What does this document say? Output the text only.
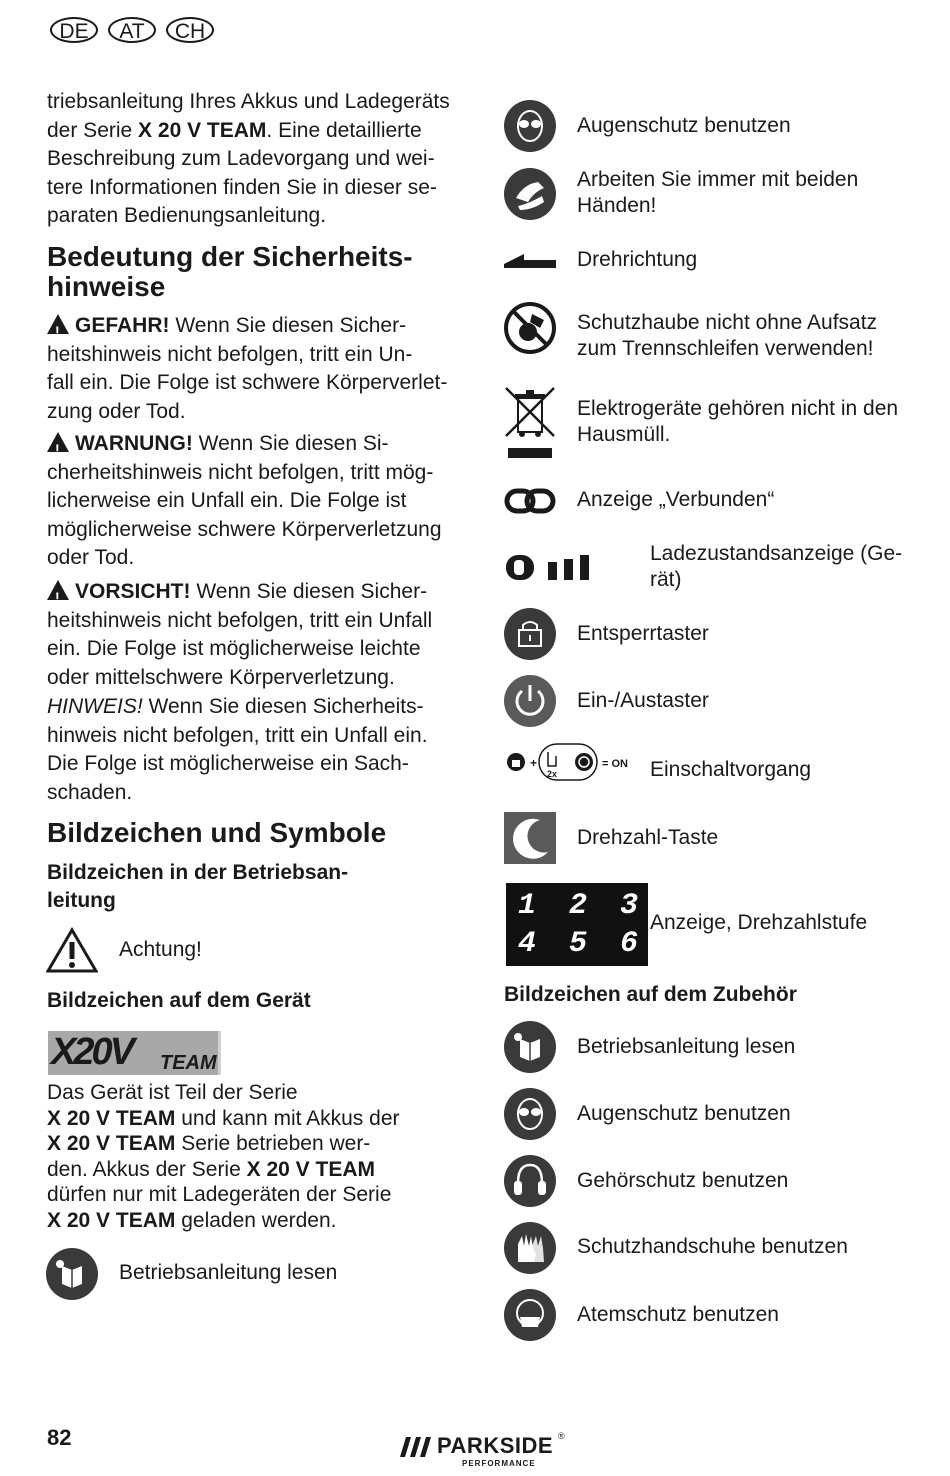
DE AT CH
triebsanleitung Ihres Akkus und Ladegeräts
der Serie X 20 V TEAM. Eine detaillierte
Beschreibung zum Ladevorgang und wei-
tere Informationen finden Sie in dieser se-
paraten Bedienungsanleitung.
Bedeutung der Sicherheits-
hinweise
!GEFAHR! Wenn Sie diesen Sicher-
heitshinweis nicht befolgen, tritt ein Un-
fall ein. Die Folge ist schwere Körperverlet-
zung oder Tod.
!WARNUNG! Wenn Sie diesen Si-
cherheitshinweis nicht befolgen, tritt mög-
licherweise ein Unfall ein. Die Folge ist
möglicherweise schwere Körperverletzung
oder Tod.
!VORSICHT! Wenn Sie diesen Sicher-
heitshinweis nicht befolgen, tritt ein Unfall
ein. Die Folge ist möglicherweise leichte
oder mittelschwere Körperverletzung.
HINWEIS! Wenn Sie diesen Sicherheits-
hinweis nicht befolgen, tritt ein Unfall ein.
Die Folge ist möglicherweise ein Sach-
schaden.
Bildzeichen und Symbole
Bildzeichen in der Betriebsan-
leitung
Achtung!
Bildzeichen auf dem Gerät
X20V TEAM
Das Gerät ist Teil der Serie
X 20 V TEAM und kann mit Akkus der
X 20 V TEAM Serie betrieben wer-
den. Akkus der Serie X 20 V TEAM
dürfen nur mit Ladegeräten der Serie
X 20 V TEAM geladen werden.
Betriebsanleitung lesen
Augenschutz benutzen
Arbeiten Sie immer mit beiden
Händen!
Drehrichtung
Schutzhaube nicht ohne Aufsatz
zum Trennschleifen verwenden!
Elektrogeräte gehören nicht in den
Hausmüll.
Anzeige „Verbunden“
Ladezustandsanzeige (Ge-
rät)
Entsperrtaster
Ein-/Austaster
+	= ON
2x	Einschaltvorgang
Drehzahl-Taste
1 2 3
4 5 6
Anzeige, Drehzahlstufe
Bildzeichen auf dem Zubehör
Betriebsanleitung lesen
Augenschutz benutzen
Gehörschutz benutzen
Schutzhandschuhe benutzen
Atemschutz benutzen
82	PARKSIDE ®
PERFORMANCE
